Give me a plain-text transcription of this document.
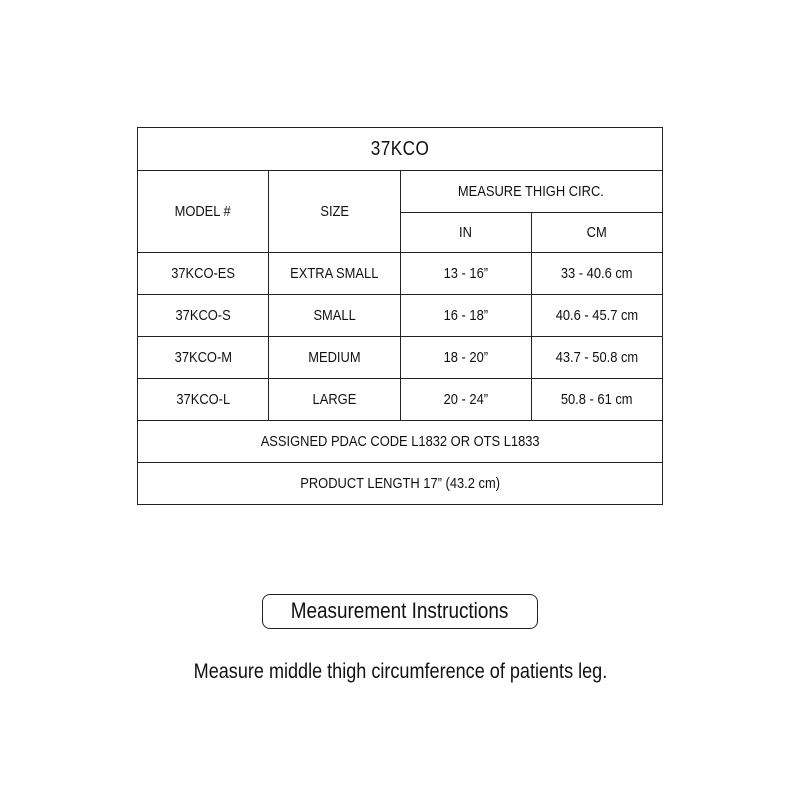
37KCO			
MODEL #	SIZE	MEASURE THIGH CIRC.	
		IN	CM
37KCO-ES	EXTRA SMALL	13 - 16”	33 - 40.6 cm
37KCO-S	SMALL	16 - 18”	40.6 - 45.7 cm
37KCO-M	MEDIUM	18 - 20”	43.7 - 50.8 cm
37KCO-L	LARGE	20 - 24”	50.8 - 61 cm
ASSIGNED PDAC CODE L1832 OR OTS L1833			
PRODUCT LENGTH 17” (43.2 cm)			
Measurement Instructions
Measure middle thigh circumference of patients leg.
